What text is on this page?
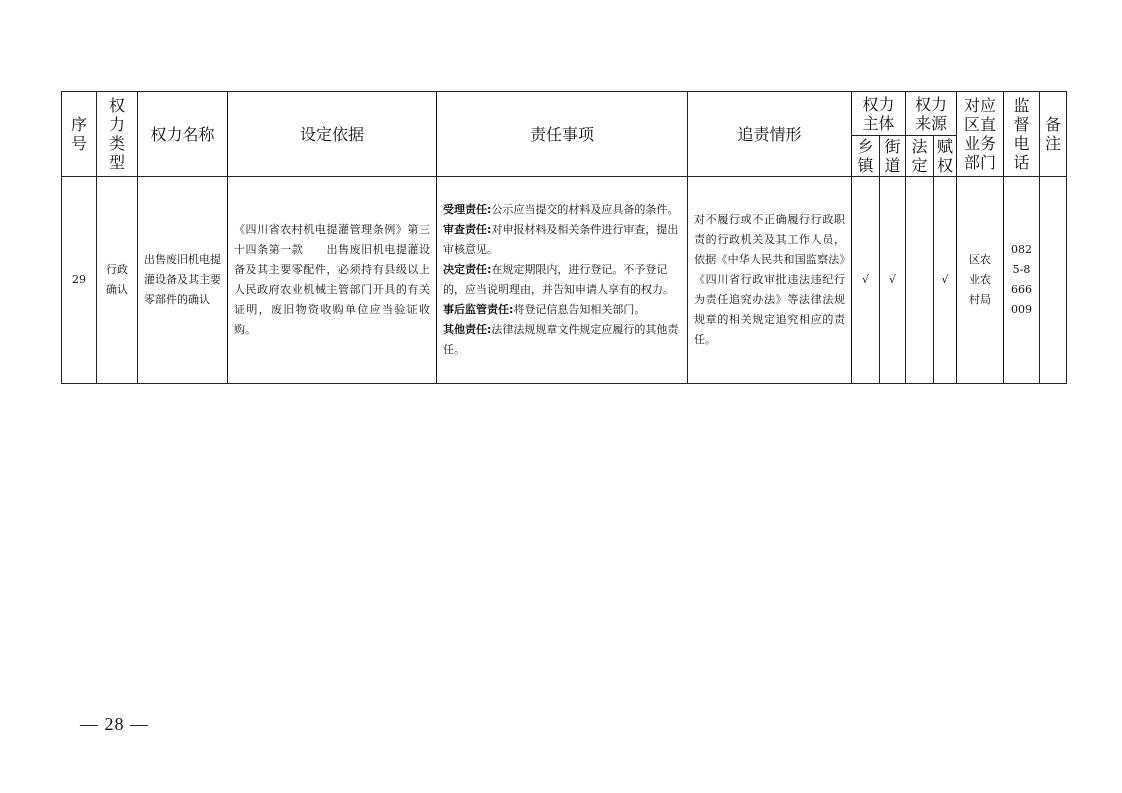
序号	权力类型	权力名称	设定依据	责任事项	追责情形	权力主体		权力来源		对应区直业务部门	监督电话	备注
						乡镇	街道	法定	赋权			
29	行政确认	出售废旧机电提灌设备及其主要零部件的确认	《四川省农村机电提灌管理条例》第三十四条第一款　　出售废旧机电提灌设备及其主要零配件，必须持有县级以上人民政府农业机械主管部门开具的有关证明，废旧物资收购单位应当验证收购。	受理责任:公示应当提交的材料及应具备的条件。
审查责任:对申报材料及相关条件进行审查，提出审核意见。
决定责任:在规定期限内，进行登记。不予登记的，应当说明理由，并告知申请人享有的权力。
事后监管责任:将登记信息告知相关部门。
其他责任:法律法规规章文件规定应履行的其他责任。	对不履行或不正确履行行政职责的行政机关及其工作人员，依据《中华人民共和国监察法》《四川省行政审批违法违纪行为责任追究办法》等法律法规规章的相关规定追究相应的责任。	√	√		√	区农业农村局	0825-8666009	
— 28 —
